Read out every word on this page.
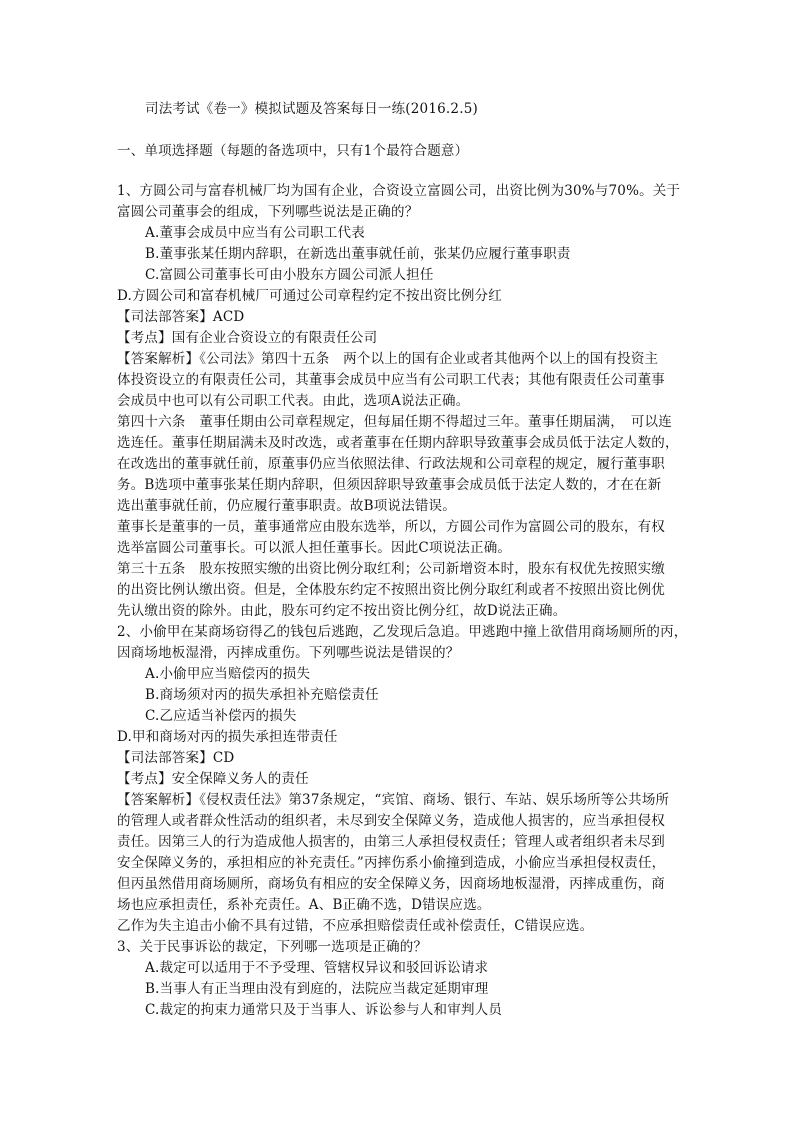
司法考试《卷一》模拟试题及答案每日一练(2016.2.5)
一、单项选择题（每题的备选项中，只有1个最符合题意）
1、方圆公司与富春机械厂均为国有企业，合资设立富圆公司，出资比例为30%与70%。关于
富圆公司董事会的组成，下列哪些说法是正确的？
A.董事会成员中应当有公司职工代表
B.董事张某任期内辞职，在新选出董事就任前，张某仍应履行董事职责
C.富圆公司董事长可由小股东方圆公司派人担任
D.方圆公司和富春机械厂可通过公司章程约定不按出资比例分红
【司法部答案】ACD
【考点】国有企业合资设立的有限责任公司
【答案解析】《公司法》第四十五条　两个以上的国有企业或者其他两个以上的国有投资主
体投资设立的有限责任公司，其董事会成员中应当有公司职工代表；其他有限责任公司董事
会成员中也可以有公司职工代表。由此，选项A说法正确。
第四十六条　董事任期由公司章程规定，但每届任期不得超过三年。董事任期届满，　可以连
选连任。董事任期届满未及时改选，或者董事在任期内辞职导致董事会成员低于法定人数的，
在改选出的董事就任前，原董事仍应当依照法律、行政法规和公司章程的规定，履行董事职
务。B选项中董事张某任期内辞职，但须因辞职导致董事会成员低于法定人数的，才在在新
选出董事就任前，仍应履行董事职责。故B项说法错误。
董事长是董事的一员，董事通常应由股东选举，所以，方圆公司作为富圆公司的股东，有权
选举富圆公司董事长。可以派人担任董事长。因此C项说法正确。
第三十五条　股东按照实缴的出资比例分取红利；公司新增资本时，股东有权优先按照实缴
的出资比例认缴出资。但是，全体股东约定不按照出资比例分取红利或者不按照出资比例优
先认缴出资的除外。由此，股东可约定不按出资比例分红，故D说法正确。
2、小偷甲在某商场窃得乙的钱包后逃跑，乙发现后急追。甲逃跑中撞上欲借用商场厕所的丙，
因商场地板湿滑，丙摔成重伤。下列哪些说法是错误的？
A.小偷甲应当赔偿丙的损失
B.商场须对丙的损失承担补充赔偿责任
C.乙应适当补偿丙的损失
D.甲和商场对丙的损失承担连带责任
【司法部答案】CD
【考点】安全保障义务人的责任
【答案解析】《侵权责任法》第37条规定，“宾馆、商场、银行、车站、娱乐场所等公共场所
的管理人或者群众性活动的组织者，未尽到安全保障义务，造成他人损害的，应当承担侵权
责任。因第三人的行为造成他人损害的，由第三人承担侵权责任；管理人或者组织者未尽到
安全保障义务的，承担相应的补充责任。”丙摔伤系小偷撞到造成，小偷应当承担侵权责任，
但丙虽然借用商场厕所，商场负有相应的安全保障义务，因商场地板湿滑，丙摔成重伤，商
场也应承担责任，系补充责任。A、B正确不选，D错误应选。
乙作为失主追击小偷不具有过错，不应承担赔偿责任或补偿责任，C错误应选。
3、关于民事诉讼的裁定，下列哪一选项是正确的？
A.裁定可以适用于不予受理、管辖权异议和驳回诉讼请求
B.当事人有正当理由没有到庭的，法院应当裁定延期审理
C.裁定的拘束力通常只及于当事人、诉讼参与人和审判人员
